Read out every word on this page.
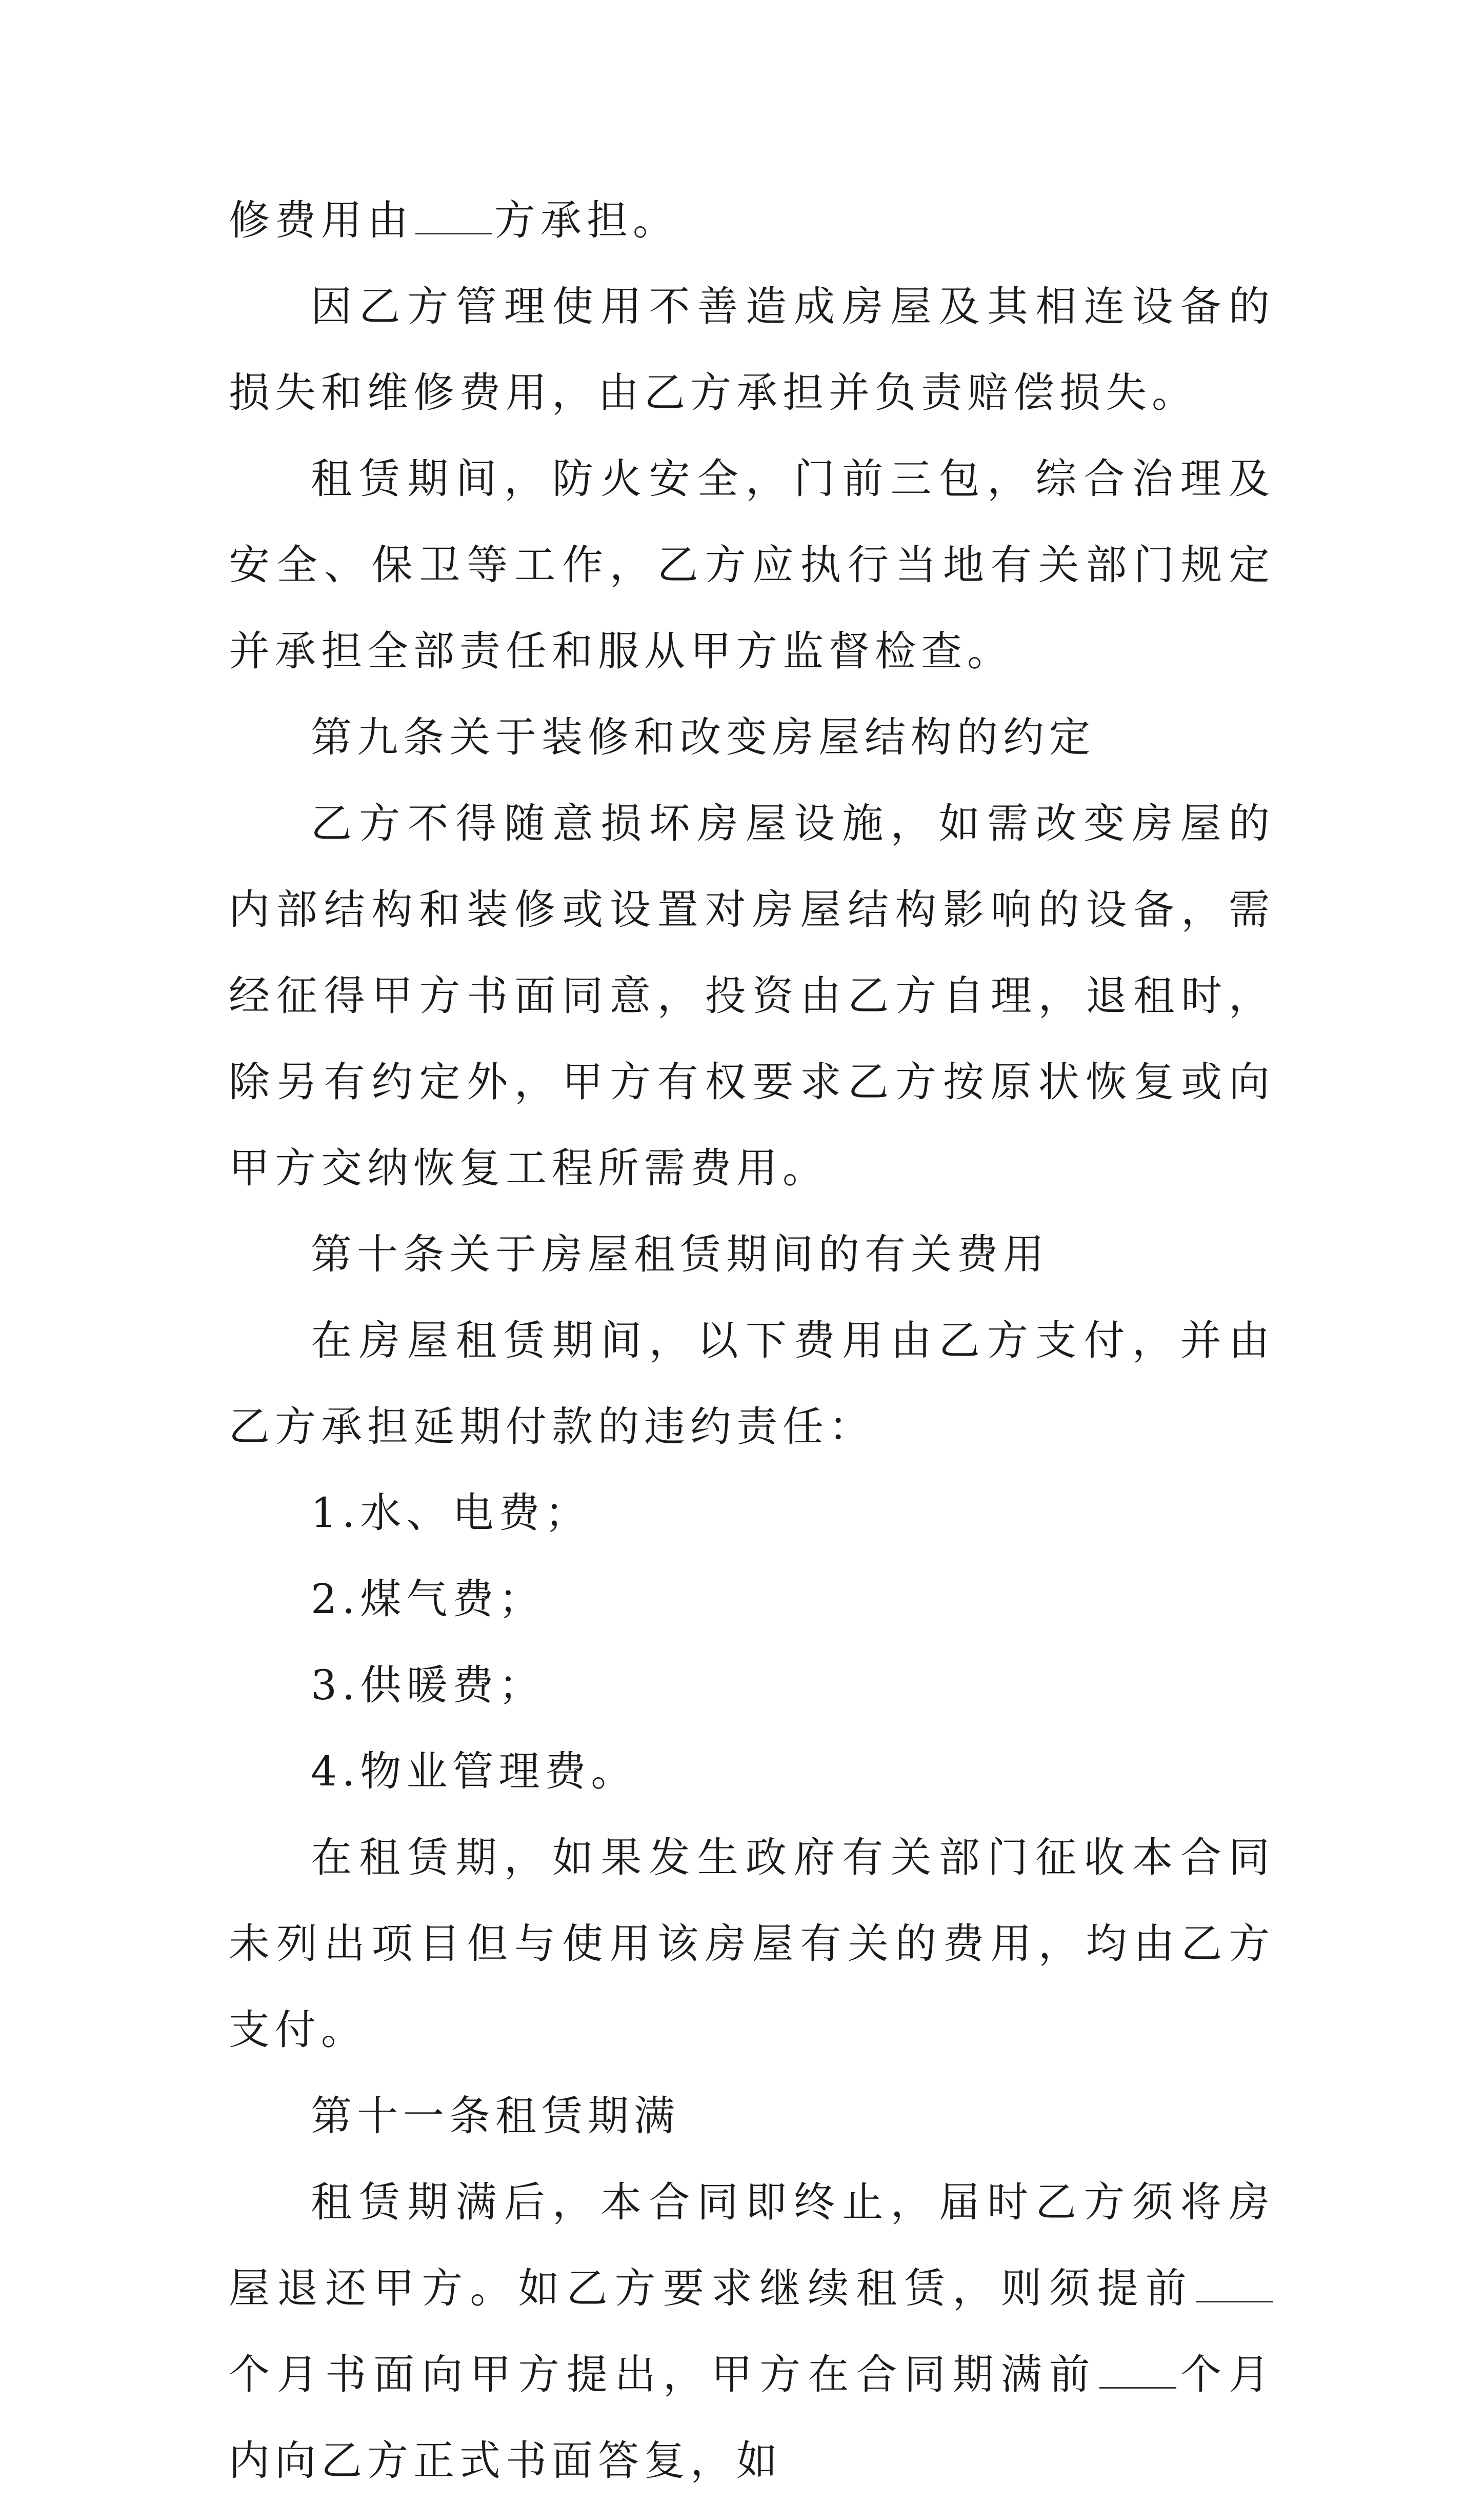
修费用由 方承担。

因乙方管理使用不善造成房屋及其相连设备的损失和维修费用，由乙方承担并负责赔偿损失。

租赁期间，防火安全，门前三包，综合治理及安全、保卫等工作，乙方应执行当地有关部门规定并承担全部责任和服从甲方监督检查。

第九条关于装修和改变房屋结构的约定

乙方不得随意损坏房屋设施，如需改变房屋的内部结构和装修或设置对房屋结构影响的设备，需经征得甲方书面同意，投资由乙方自理，退租时，除另有约定外，甲方有权要求乙方按原状恢复或向甲方交纳恢复工程所需费用。

第十条关于房屋租赁期间的有关费用

在房屋租赁期间，以下费用由乙方支付，并由乙方承担延期付款的违约责任：

1.水、电费；

2.煤气费；

3.供暖费；

4.物业管理费。

在租赁期，如果发生政府有关部门征收本合同未列出项目但与使用该房屋有关的费用，均由乙方支付。

第十一条租赁期满

租赁期满后，本合同即终止，届时乙方须将房屋退还甲方。如乙方要求继续租赁，则须提前个月书面向甲方提出，甲方在合同期满前 个月内向乙方正式书面答复，如
